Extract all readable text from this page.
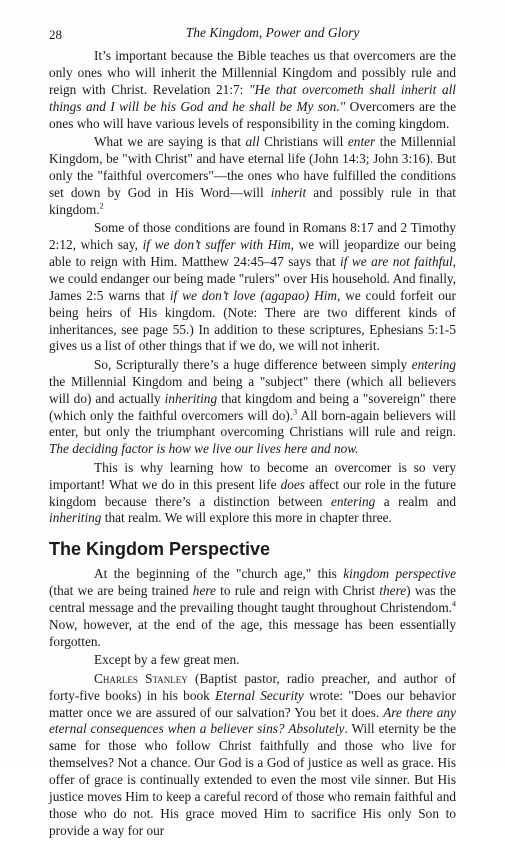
28	The Kingdom, Power and Glory

It’s important because the Bible teaches us that overcomers are the only ones who will inherit the Millennial Kingdom and possibly rule and reign with Christ. Revelation 21:7: "He that overcometh shall inherit all things and I will be his God and he shall be My son." Overcomers are the ones who will have various levels of responsibility in the coming kingdom.

What we are saying is that all Christians will enter the Millennial Kingdom, be "with Christ" and have eternal life (John 14:3; John 3:16). But only the "faithful overcomers"—the ones who have fulfilled the conditions set down by God in His Word—will inherit and possibly rule in that kingdom.$^2$

Some of those conditions are found in Romans 8:17 and 2 Timothy 2:12, which say, if we don’t suffer with Him, we will jeopardize our being able to reign with Him. Matthew 24:45–47 says that if we are not faithful, we could endanger our being made "rulers" over His household. And finally, James 2:5 warns that if we don’t love (agapao) Him, we could forfeit our being heirs of His kingdom. (Note: There are two different kinds of inheritances, see page 55.) In addition to these scriptures, Ephesians 5:1-5 gives us a list of other things that if we do, we will not inherit.

So, Scripturally there’s a huge difference between simply entering the Millennial Kingdom and being a "subject" there (which all believers will do) and actually inheriting that kingdom and being a "sovereign" there (which only the faithful overcomers will do).$^3$ All born-again believers will enter, but only the triumphant overcoming Christians will rule and reign. The deciding factor is how we live our lives here and now.

This is why learning how to become an overcomer is so very important! What we do in this present life does affect our role in the future kingdom because there’s a distinction between entering a realm and inheriting that realm. We will explore this more in chapter three.

The Kingdom Perspective

At the beginning of the "church age," this kingdom perspective (that we are being trained here to rule and reign with Christ there) was the central message and the prevailing thought taught throughout Christendom.$^4$ Now, however, at the end of the age, this message has been essentially forgotten.

Except by a few great men.

Charles Stanley (Baptist pastor, radio preacher, and author of forty-five books) in his book Eternal Security wrote: "Does our behavior matter once we are assured of our salvation? You bet it does. Are there any eternal consequences when a believer sins? Absolutely. Will eternity be the same for those who follow Christ faithfully and those who live for themselves? Not a chance. Our God is a God of justice as well as grace. His offer of grace is continually extended to even the most vile sinner. But His justice moves Him to keep a careful record of those who remain faithful and those who do not. His grace moved Him to sacrifice His only Son to provide a way for our
